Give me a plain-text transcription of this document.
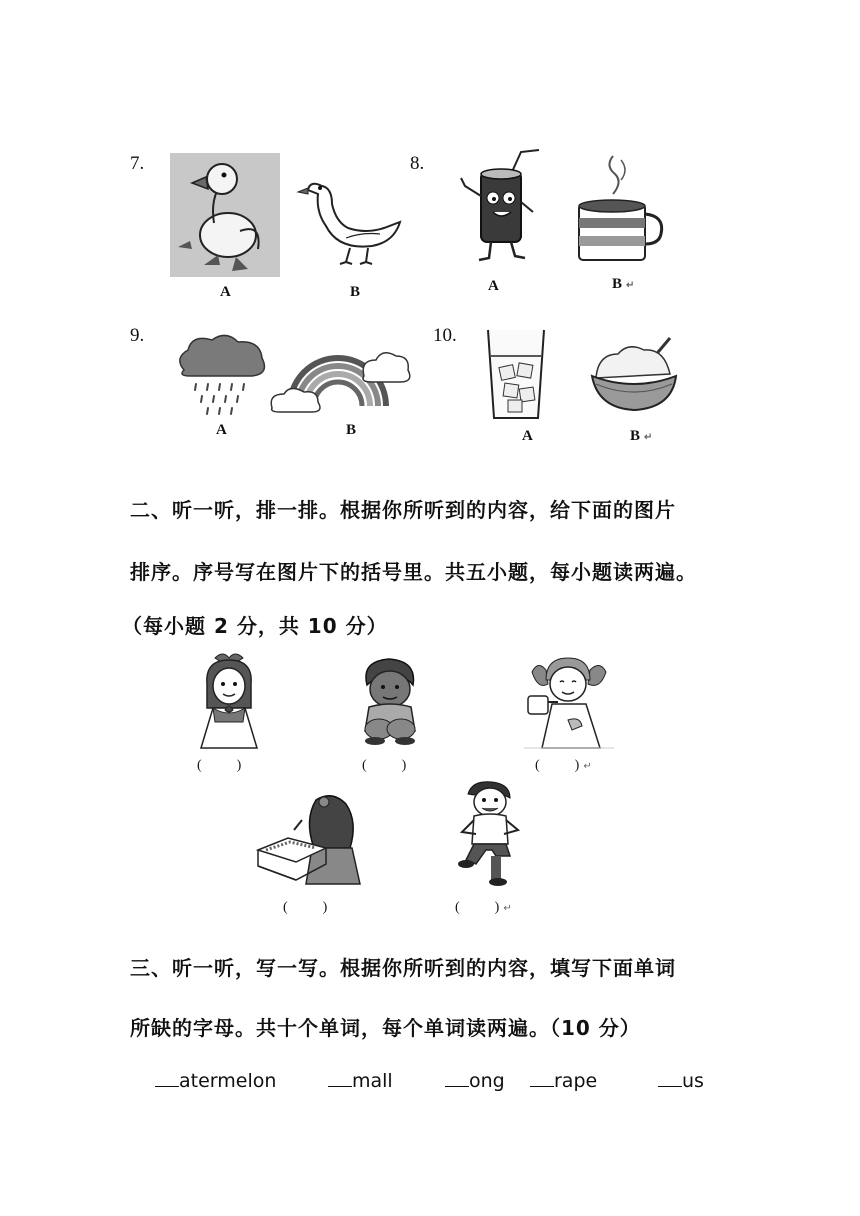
7.
A	B
8.
A	B ↵
9.
A	B
10.
A	B ↵
二、听一听，排一排。根据你所听到的内容，给下面的图片
排序。序号写在图片下的括号里。共五小题，每小题读两遍。
（每小题 2 分，共 10 分）
(          )	(          )	(          ) ↵
(          )	(          ) ↵
三、听一听，写一写。根据你所听到的内容，填写下面单词
所缺的字母。共十个单词，每个单词读两遍。（10 分）
atermelon	mall	ong	rape	us
